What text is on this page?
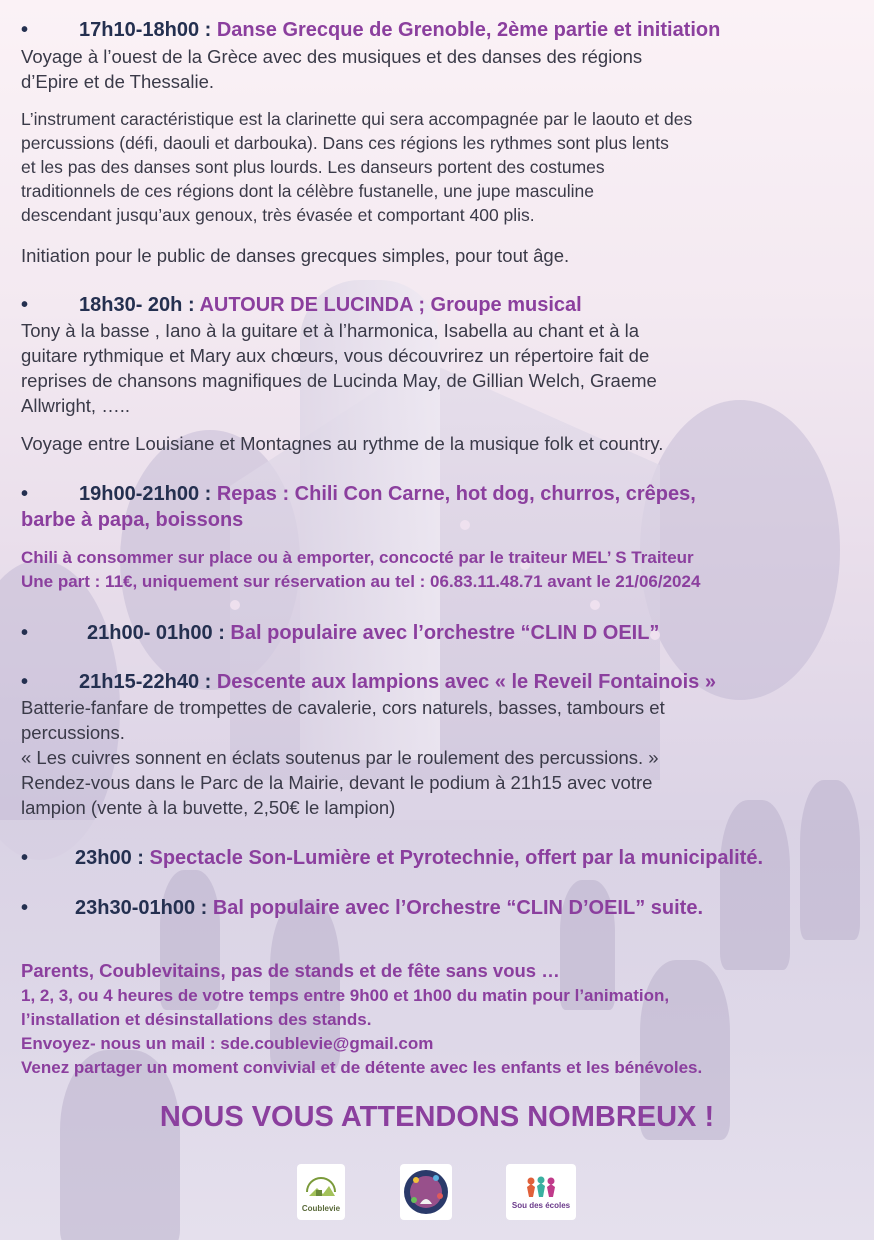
•	17h10-18h00 : Danse Grecque de Grenoble, 2ème partie et initiation
Voyage à l’ouest de la Grèce avec des musiques et des danses des régions
d’Epire et de Thessalie.
L’instrument caractéristique est la clarinette qui sera accompagnée par le laouto et des
percussions (défi, daouli et darbouka). Dans ces régions les rythmes sont plus lents
et les pas des danses sont plus lourds. Les danseurs portent des costumes
traditionnels de ces régions dont la célèbre fustanelle, une jupe masculine
descendant jusqu’aux genoux, très évasée et comportant 400 plis.
Initiation pour le public de danses grecques simples, pour tout âge.
•	18h30- 20h : AUTOUR DE LUCINDA ; Groupe musical
Tony à la basse , Iano à la guitare et à l’harmonica, Isabella au chant et à la
guitare rythmique et Mary aux chœurs, vous découvrirez un répertoire fait de
reprises de chansons magnifiques de Lucinda May, de Gillian Welch, Graeme
Allwright, …..
Voyage entre Louisiane et Montagnes au rythme de la musique folk et country.
•	19h00-21h00 : Repas : Chili Con Carne, hot dog, churros, crêpes,
barbe à papa, boissons
Chili à consommer sur place ou à emporter, concocté par le traiteur MEL’ S Traiteur
Une part : 11€, uniquement sur réservation au tel : 06.83.11.48.71 avant le 21/06/2024
•	21h00- 01h00 : Bal populaire avec l’orchestre “CLIN D OEIL”
•	21h15-22h40 : Descente aux lampions avec « le Reveil Fontainois »
Batterie-fanfare de trompettes de cavalerie, cors naturels, basses, tambours et
percussions.
« Les cuivres sonnent en éclats soutenus par le roulement des percussions. »
Rendez-vous dans le Parc de la Mairie, devant le podium à 21h15 avec votre
lampion (vente à la buvette, 2,50€ le lampion)
• 23h00 : Spectacle Son-Lumière et Pyrotechnie, offert par la municipalité.
• 23h30-01h00 : Bal populaire avec l’Orchestre “CLIN D’OEIL” suite.
Parents, Coublevitains, pas de stands et de fête sans vous …
1, 2, 3, ou 4 heures de votre temps entre 9h00 et 1h00 du matin pour l’animation,
l’installation et désinstallations des stands.
Envoyez- nous un mail : sde.coublevie@gmail.com
Venez partager un moment convivial et de détente avec les enfants et les bénévoles.
NOUS VOUS ATTENDONS NOMBREUX !
Coublevie	Sou des écoles
